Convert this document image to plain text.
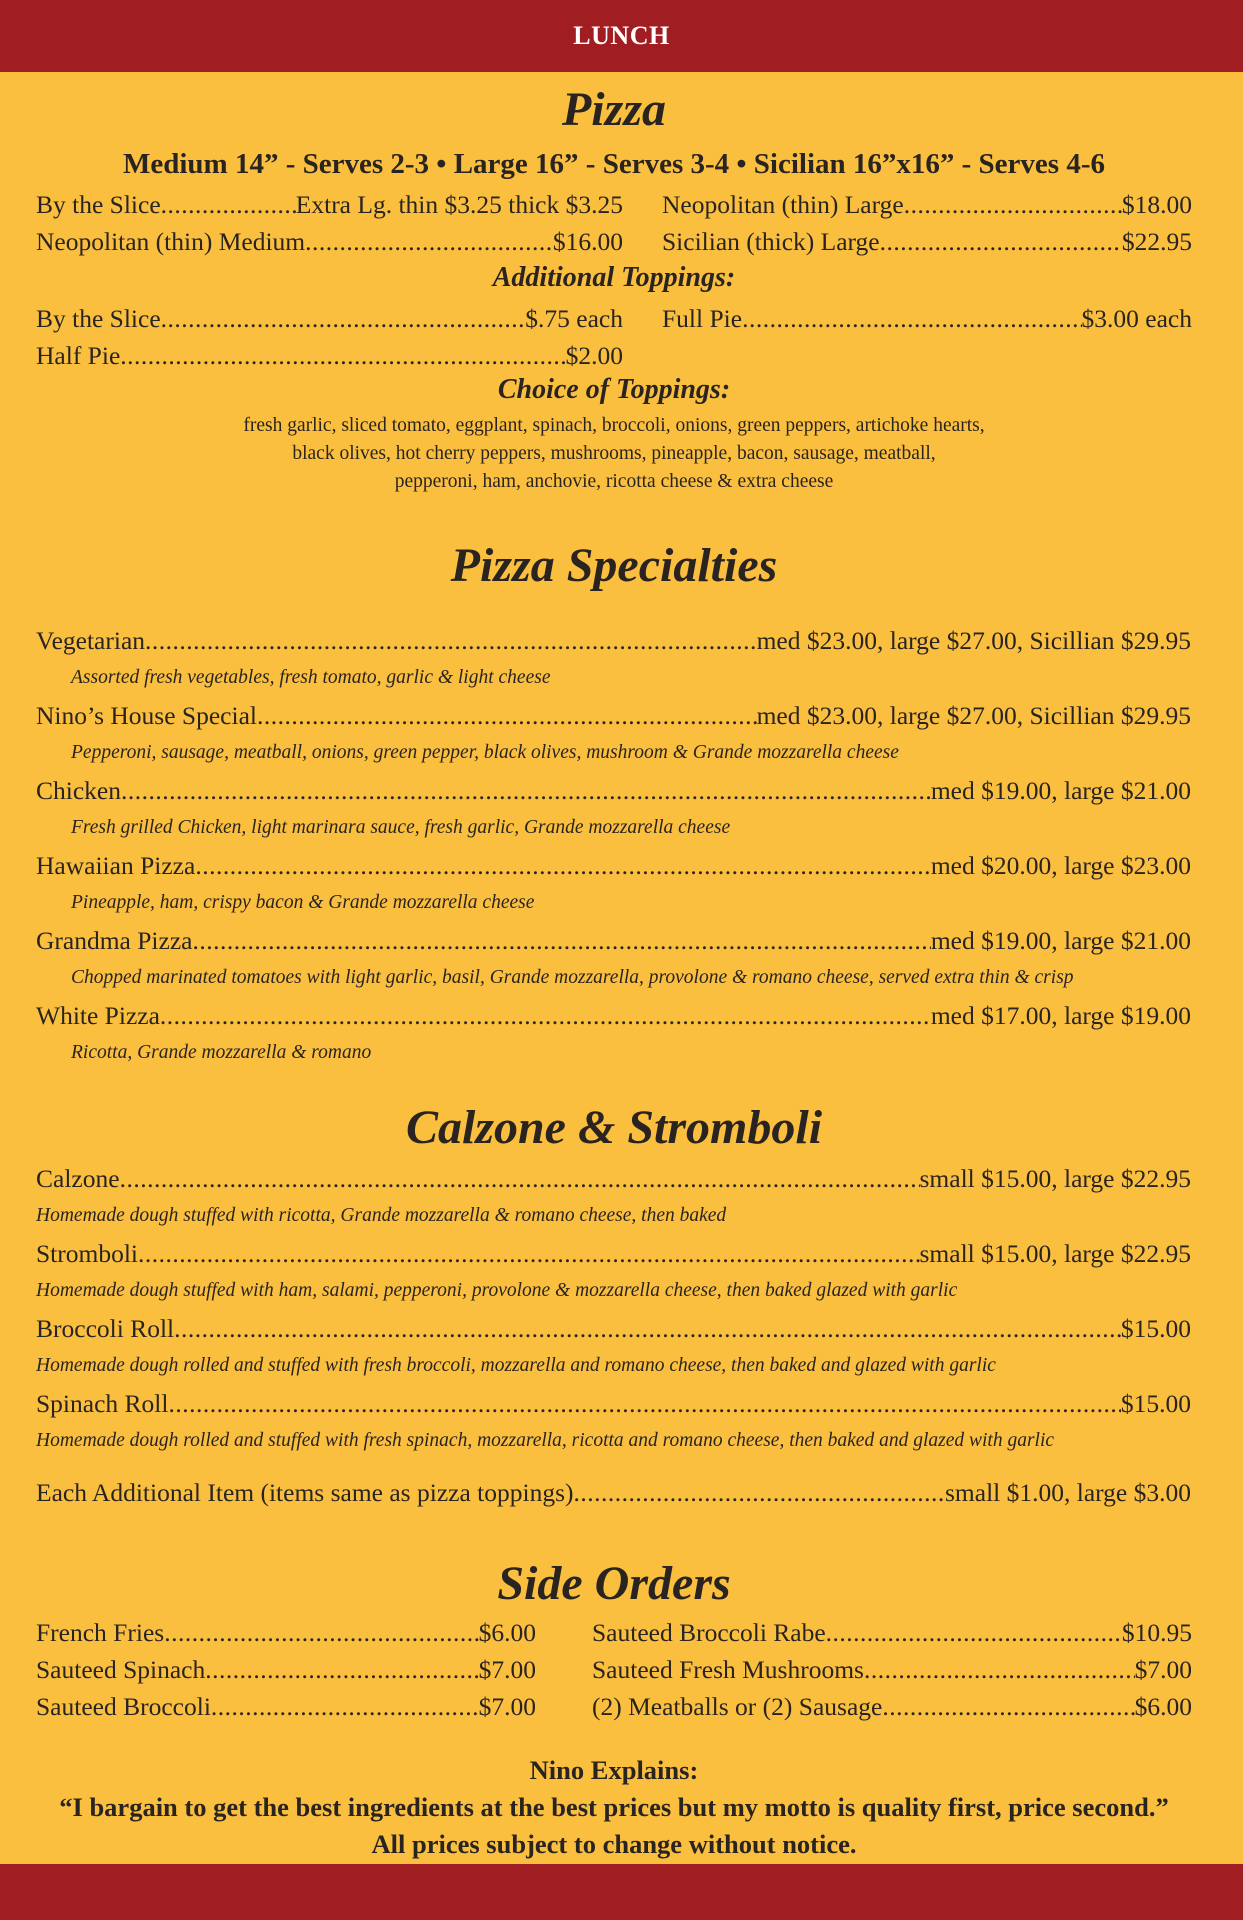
LUNCH
Pizza
Medium 14” - Serves 2-3 • Large 16” - Serves 3-4 • Sicilian 16”x16” - Serves 4-6
By the Slice .....	Extra Lg. thin $3.25 thick $3.25
Neopolitan (thin) Medium .....	$16.00
Neopolitan (thin) Large .....	$18.00
Sicilian (thick) Large .....	$22.95
Additional Toppings:
By the Slice .....	$.75 each
Half Pie .....	$2.00
Full Pie .....	$3.00 each
Choice of Toppings:
fresh garlic, sliced tomato, eggplant, spinach, broccoli, onions, green peppers, artichoke hearts,
black olives, hot cherry peppers, mushrooms, pineapple, bacon, sausage, meatball,
pepperoni, ham, anchovie, ricotta cheese & extra cheese
Pizza Specialties
Vegetarian .....	med $23.00, large $27.00, Sicillian $29.95
Assorted fresh vegetables, fresh tomato, garlic & light cheese
Nino’s House Special .....	med $23.00, large $27.00, Sicillian $29.95
Pepperoni, sausage, meatball, onions, green pepper, black olives, mushroom & Grande mozzarella cheese
Chicken .....	med $19.00, large $21.00
Fresh grilled Chicken, light marinara sauce, fresh garlic, Grande mozzarella cheese
Hawaiian Pizza .....	med $20.00, large $23.00
Pineapple, ham, crispy bacon & Grande mozzarella cheese
Grandma Pizza .....	med $19.00, large $21.00
Chopped marinated tomatoes with light garlic, basil, Grande mozzarella, provolone & romano cheese, served extra thin & crisp
White Pizza .....	med $17.00, large $19.00
Ricotta, Grande mozzarella & romano
Calzone & Stromboli
Calzone .....	small $15.00, large $22.95
Homemade dough stuffed with ricotta, Grande mozzarella & romano cheese, then baked
Stromboli .....	small $15.00, large $22.95
Homemade dough stuffed with ham, salami, pepperoni, provolone & mozzarella cheese, then baked glazed with garlic
Broccoli Roll .....	$15.00
Homemade dough rolled and stuffed with fresh broccoli, mozzarella and romano cheese, then baked and glazed with garlic
Spinach Roll .....	$15.00
Homemade dough rolled and stuffed with fresh spinach, mozzarella, ricotta and romano cheese, then baked and glazed with garlic
Each Additional Item (items same as pizza toppings) .....	small $1.00, large $3.00
Side Orders
French Fries .....	$6.00
Sauteed Spinach .....	$7.00
Sauteed Broccoli .....	$7.00
Sauteed Broccoli Rabe .....	$10.95
Sauteed Fresh Mushrooms .....	$7.00
(2) Meatballs or (2) Sausage .....	$6.00
Nino Explains:
“I bargain to get the best ingredients at the best prices but my motto is quality first, price second.”
All prices subject to change without notice.
